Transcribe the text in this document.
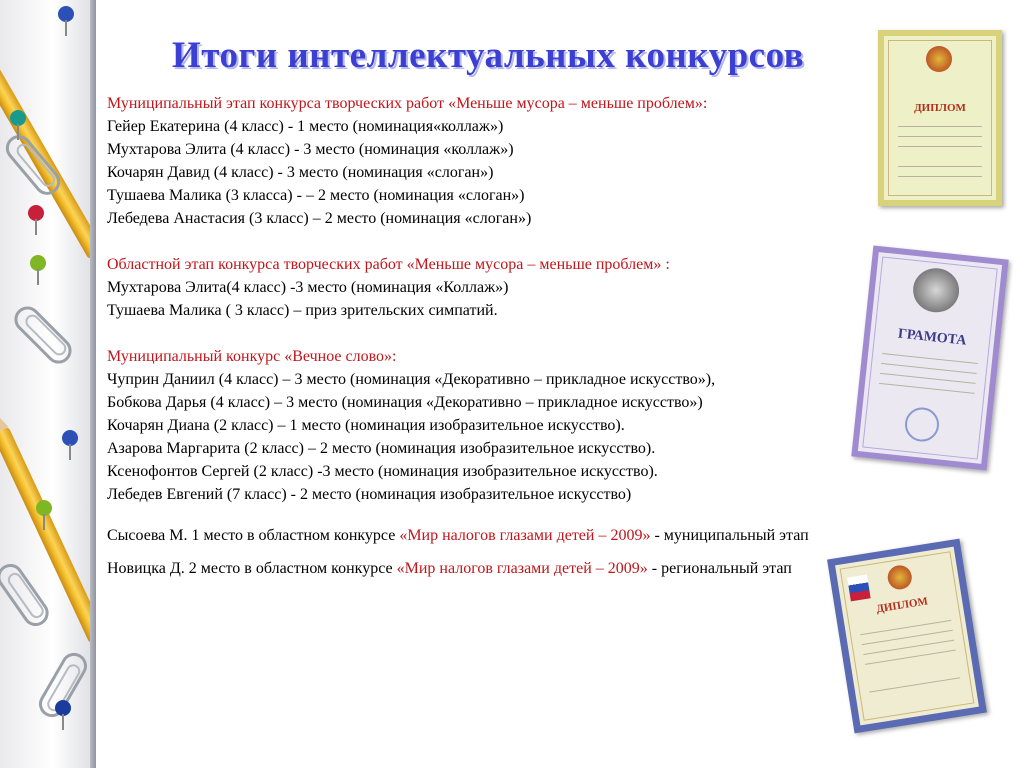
Итоги интеллектуальных конкурсов

Муниципальный этап конкурса творческих работ «Меньше мусора – меньше проблем»:

Гейер Екатерина (4 класс) - 1 место (номинация«коллаж»)

Мухтарова Элита (4 класс) - 3 место (номинация «коллаж»)

Кочарян Давид (4 класс) - 3 место (номинация «слоган»)

Тушаева Малика (3 класса) - – 2 место (номинация «слоган»)

Лебедева Анастасия (3 класс) – 2 место (номинация «слоган»)

Областной этап конкурса творческих работ «Меньше мусора – меньше проблем» :

Мухтарова Элита(4 класс) -3 место (номинация «Коллаж»)

Тушаева Малика ( 3 класс) – приз зрительских симпатий.

Муниципальный конкурс «Вечное слово»:

Чуприн Даниил (4 класс) – 3 место (номинация «Декоративно – прикладное искусство»),

Бобкова Дарья (4 класс) – 3 место (номинация «Декоративно – прикладное искусство»)

Кочарян Диана (2 класс) – 1 место (номинация изобразительное искусство).

Азарова Маргарита (2 класс) – 2 место (номинация изобразительное искусство).

Ксенофонтов Сергей (2 класс) -3 место (номинация изобразительное искусство).

Лебедев Евгений (7 класс) - 2 место (номинация изобразительное искусство)

Сысоева М. 1 место в областном конкурсе «Мир налогов глазами детей – 2009» - муниципальный этап

Новицка Д. 2 место в областном конкурсе «Мир налогов глазами детей – 2009» - региональный этап

ДИПЛОМ
ГРАМОТА
ДИПЛОМ
